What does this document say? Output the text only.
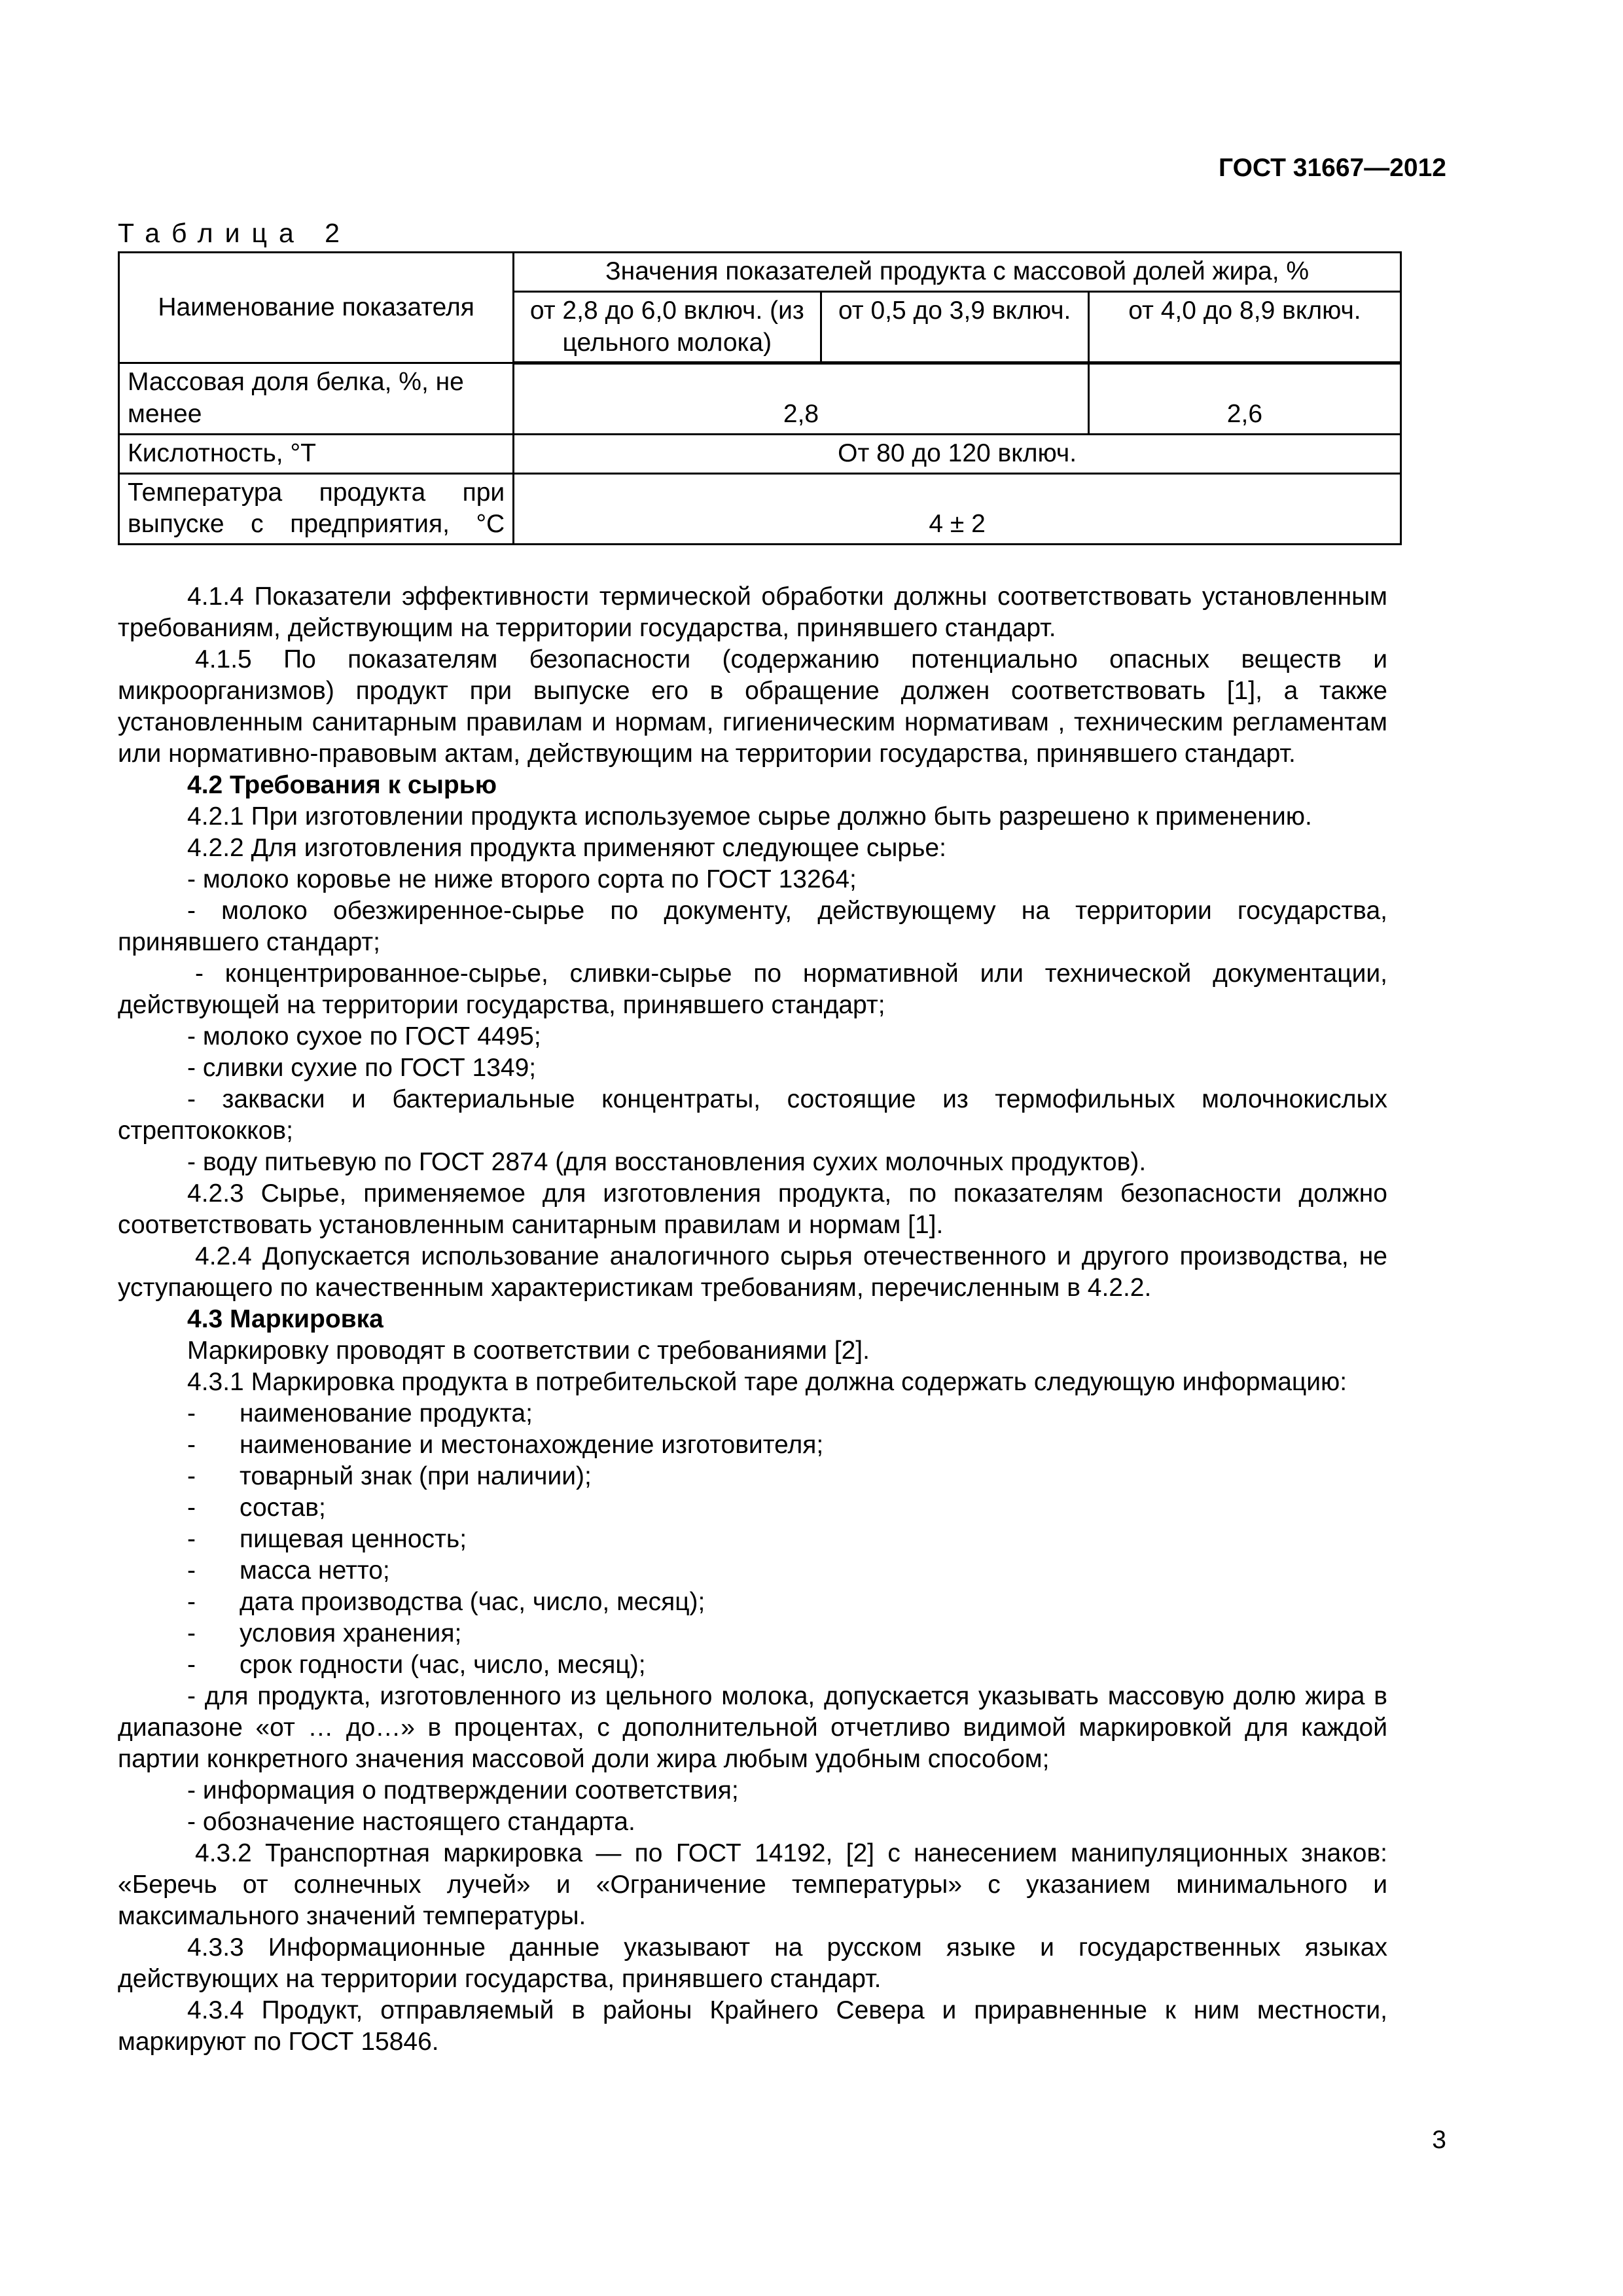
ГОСТ 31667—2012
Таблица 2
Наименование показателя	Значения показателей продукта с массовой долей жира, %		
	от 2,8 до 6,0 включ. (из цельного молока)	от 0,5 до 3,9 включ.	от 4,0 до 8,9 включ.
Массовая доля белка, %, не менее	2,8		2,6
Кислотность, °Т	От 80 до 120 включ.		
Температура продукта при выпуске с предприятия, °С	4 ± 2		

4.1.4 Показатели эффективности термической обработки должны соответствовать установленным требованиям, действующим на территории государства, принявшего стандарт.

4.1.5 По показателям безопасности (содержанию потенциально опасных веществ и микроорганизмов) продукт при выпуске его в обращение должен соответствовать [1], а также установленным санитарным правилам и нормам, гигиеническим нормативам , техническим регламентам или нормативно-правовым актам, действующим на территории государства, принявшего стандарт.

4.2 Требования к сырью

4.2.1 При изготовлении продукта используемое сырье должно быть разрешено к применению.

4.2.2 Для изготовления продукта применяют следующее сырье:

- молоко коровье не ниже второго сорта по ГОСТ 13264;

- молоко обезжиренное-сырье по документу, действующему на территории государства, принявшего стандарт;

- концентрированное-сырье, сливки-сырье по нормативной или технической документации, действующей на территории государства, принявшего стандарт;

- молоко сухое по ГОСТ 4495;

- сливки сухие по ГОСТ 1349;

- закваски и бактериальные концентраты, состоящие из термофильных молочнокислых стрептококков;

- воду питьевую по ГОСТ 2874 (для восстановления сухих молочных продуктов).

4.2.3 Сырье, применяемое для изготовления продукта, по показателям безопасности должно соответствовать установленным санитарным правилам и нормам [1].

4.2.4 Допускается использование аналогичного сырья отечественного и другого производства, не уступающего по качественным характеристикам требованиям, перечисленным в 4.2.2.

4.3 Маркировка

Маркировку проводят в соответствии с требованиями [2].

4.3.1 Маркировка продукта в потребительской таре должна содержать следующую информацию:

- наименование продукта;

- наименование и местонахождение изготовителя;

- товарный знак (при наличии);

- состав;

- пищевая ценность;

- масса нетто;

- дата производства (час, число, месяц);

- условия хранения;

- срок годности (час, число, месяц);

- для продукта, изготовленного из цельного молока, допускается указывать массовую долю жира в диапазоне «от … до…» в процентах, с дополнительной отчетливо видимой маркировкой для каждой партии конкретного значения массовой доли жира любым удобным способом;

- информация о подтверждении соответствия;

- обозначение настоящего стандарта.

4.3.2 Транспортная маркировка — по ГОСТ 14192, [2] с нанесением манипуляционных знаков: «Беречь от солнечных лучей» и «Ограничение температуры» с указанием минимального и максимального значений температуры.

4.3.3 Информационные данные указывают на русском языке и государственных языках действующих на территории государства, принявшего стандарт.

4.3.4 Продукт, отправляемый в районы Крайнего Севера и приравненные к ним местности, маркируют по ГОСТ 15846.

3
